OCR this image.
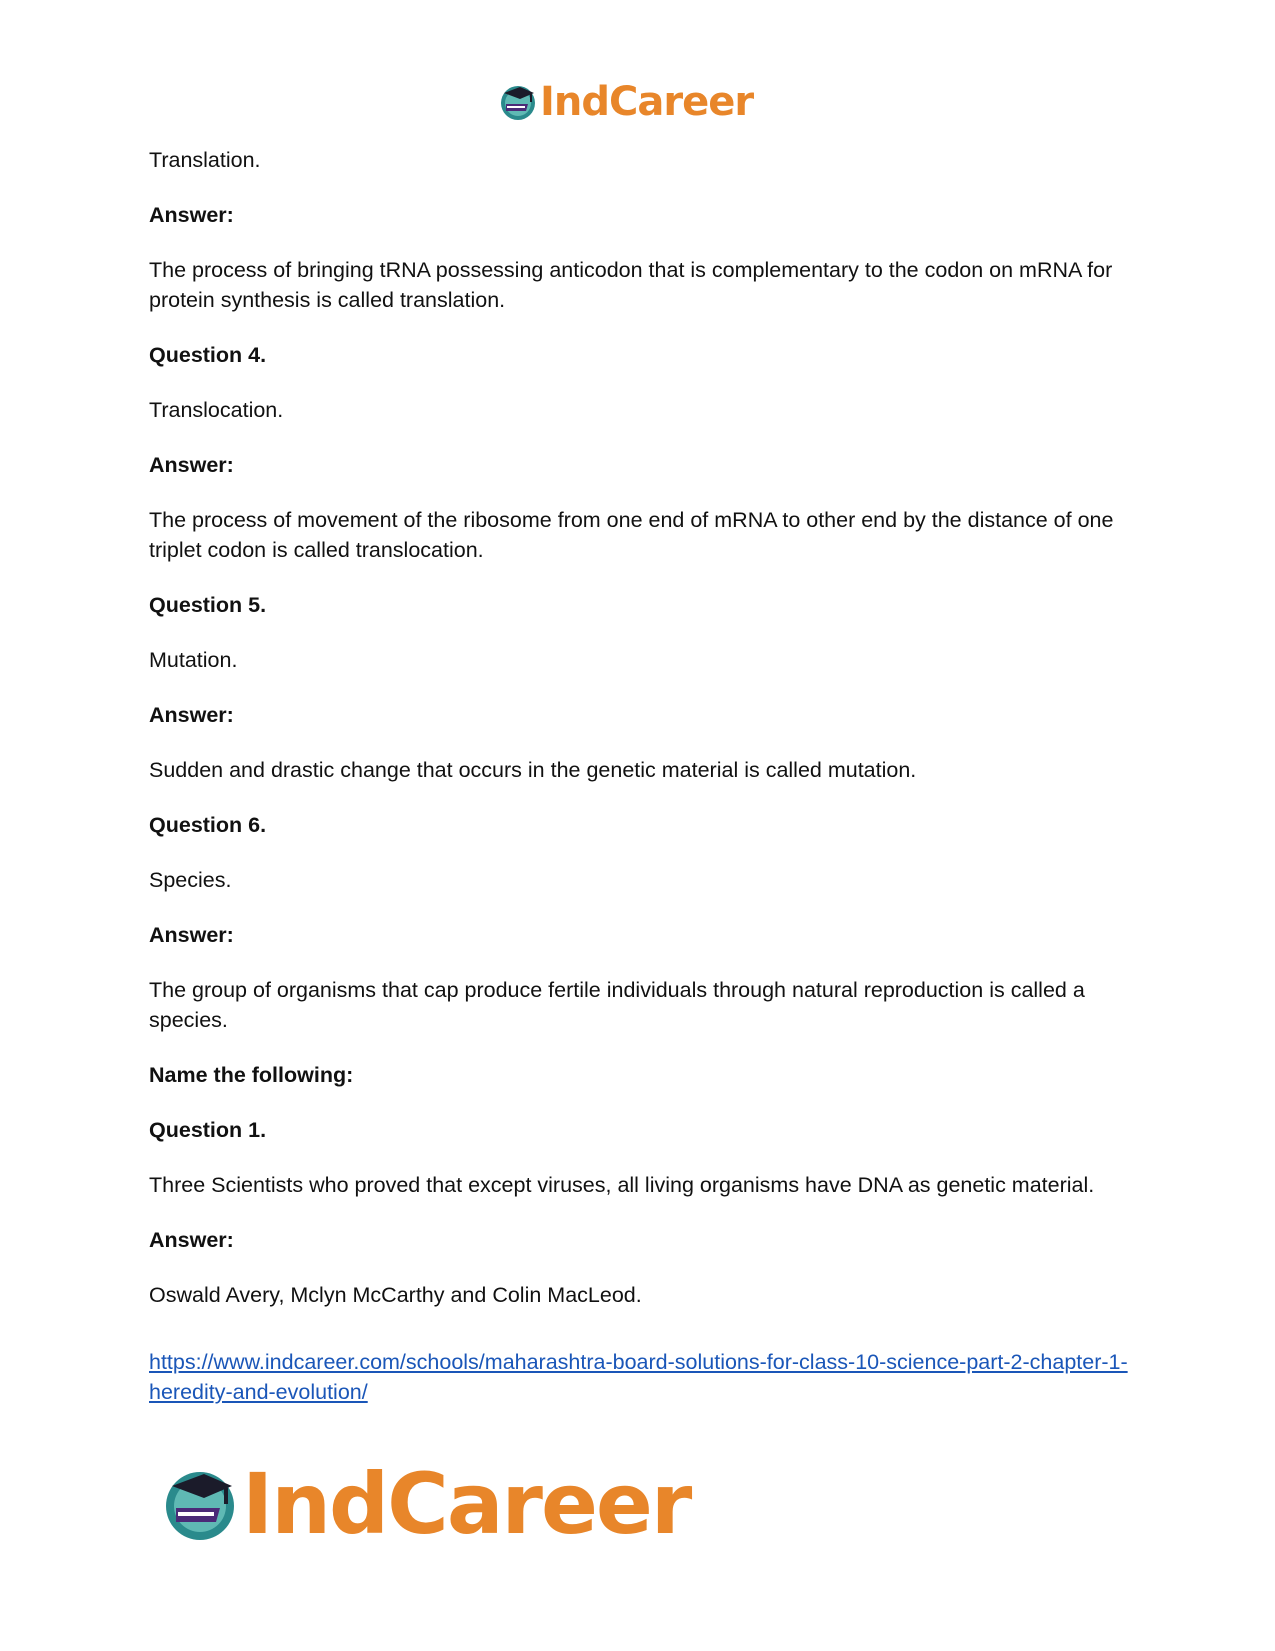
IndCareer

Translation.

Answer:

The process of bringing tRNA possessing anticodon that is complementary to the codon on mRNA for protein synthesis is called translation.

Question 4.

Translocation.

Answer:

The process of movement of the ribosome from one end of mRNA to other end by the distance of one triplet codon is called translocation.

Question 5.

Mutation.

Answer:

Sudden and drastic change that occurs in the genetic material is called mutation.

Question 6.

Species.

Answer:

The group of organisms that cap produce fertile individuals through natural reproduction is called a species.

Name the following:

Question 1.

Three Scientists who proved that except viruses, all living organisms have DNA as genetic material.

Answer:

Oswald Avery, Mclyn McCarthy and Colin MacLeod.

https://www.indcareer.com/schools/maharashtra-board-solutions-for-class-10-science-part-2-chapter-1-heredity-and-evolution/
IndCareer
